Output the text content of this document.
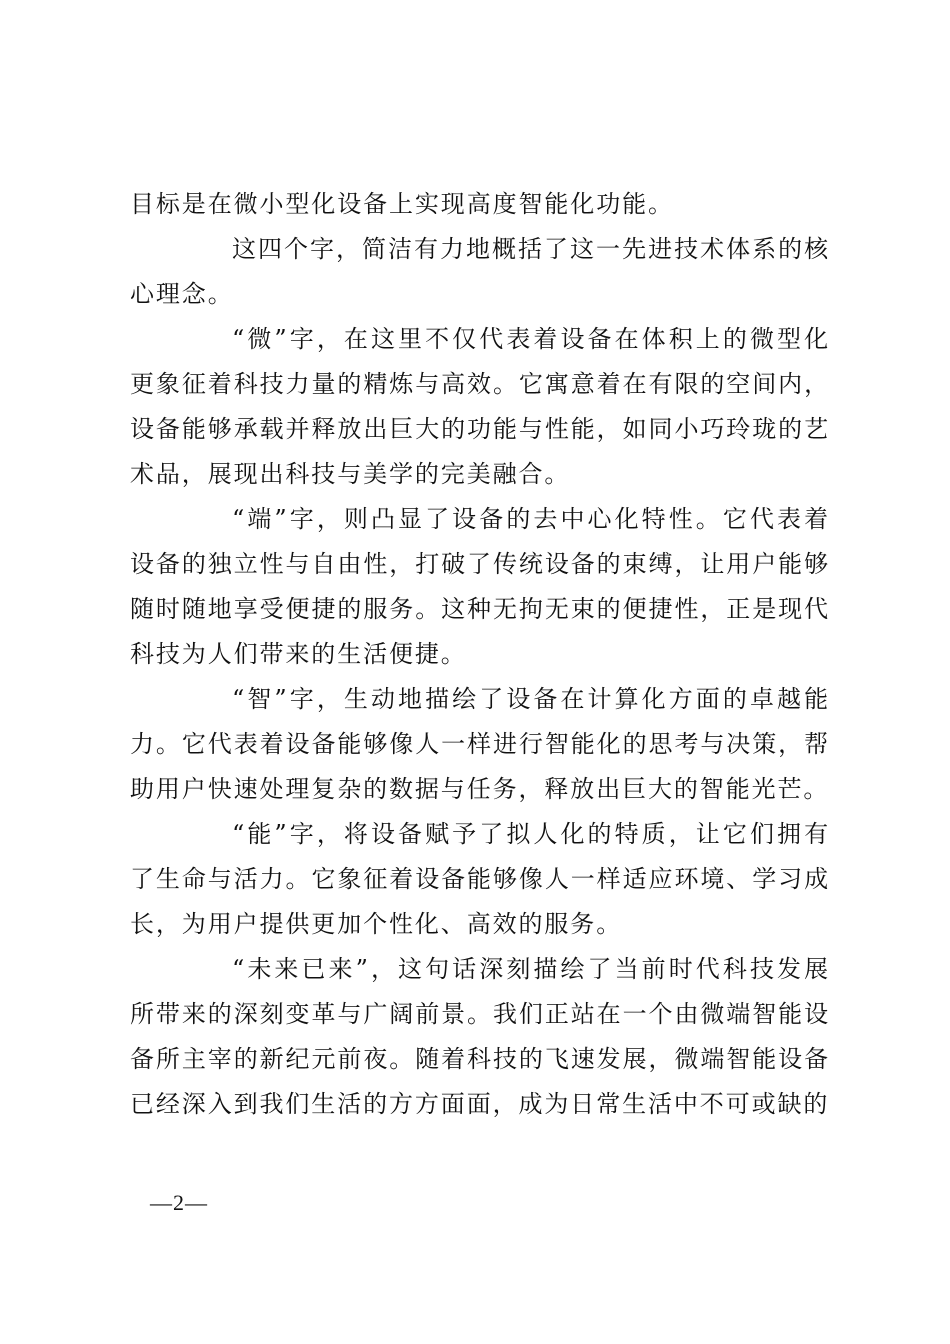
目标是在微小型化设备上实现高度智能化功能。

这四个字，简洁有力地概括了这一先进技术体系的核心理念。

“微”字，在这里不仅代表着设备在体积上的微型化更象征着科技力量的精炼与高效。它寓意着在有限的空间内，设备能够承载并释放出巨大的功能与性能，如同小巧玲珑的艺术品，展现出科技与美学的完美融合。

“端”字，则凸显了设备的去中心化特性。它代表着设备的独立性与自由性，打破了传统设备的束缚，让用户能够随时随地享受便捷的服务。这种无拘无束的便捷性，正是现代科技为人们带来的生活便捷。

“智”字，生动地描绘了设备在计算化方面的卓越能力。它代表着设备能够像人一样进行智能化的思考与决策，帮助用户快速处理复杂的数据与任务，释放出巨大的智能光芒。

“能”字，将设备赋予了拟人化的特质，让它们拥有了生命与活力。它象征着设备能够像人一样适应环境、学习成长，为用户提供更加个性化、高效的服务。

“未来已来”，这句话深刻描绘了当前时代科技发展所带来的深刻变革与广阔前景。我们正站在一个由微端智能设备所主宰的新纪元前夜。随着科技的飞速发展，微端智能设备已经深入到我们生活的方方面面，成为日常生活中不可或缺的

—2—
